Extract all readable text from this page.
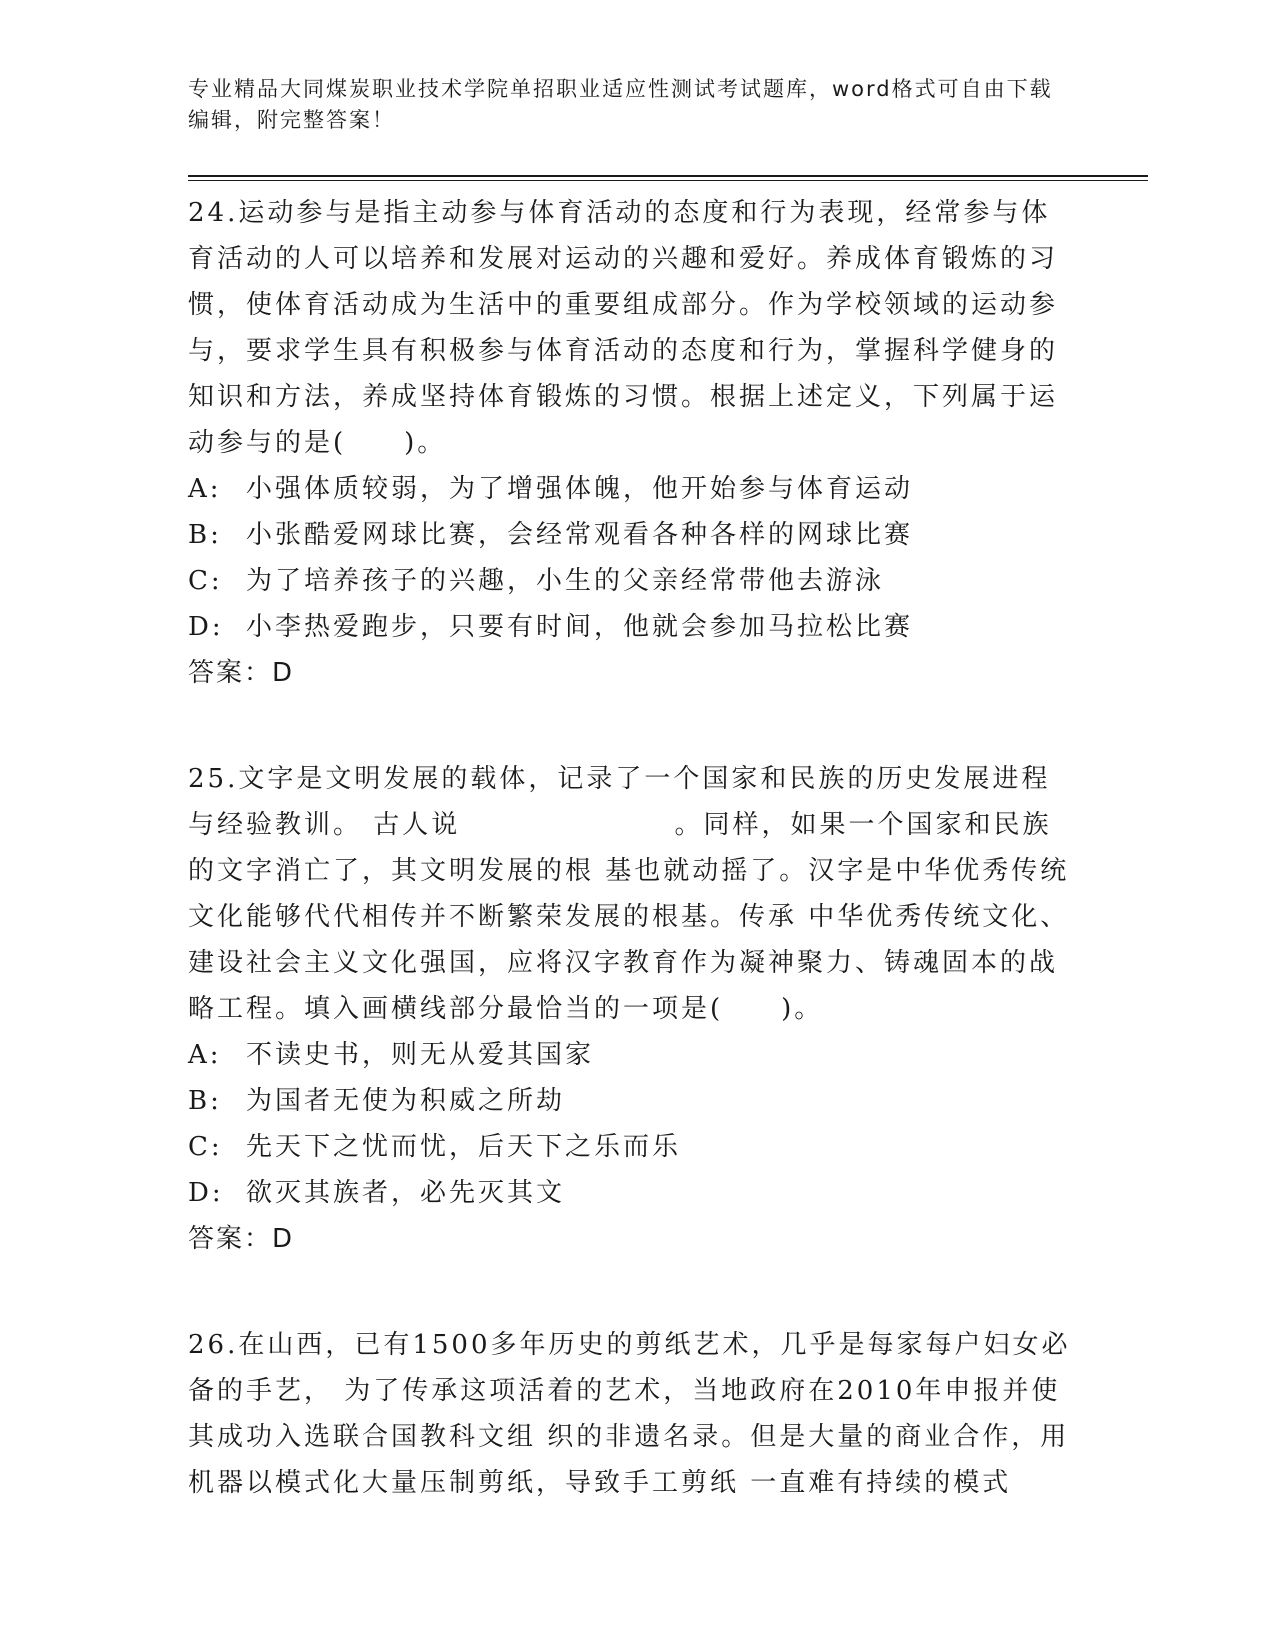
专业精品大同煤炭职业技术学院单招职业适应性测试考试题库，word格式可自由下载编辑，附完整答案！

24.运动参与是指主动参与体育活动的态度和行为表现，经常参与体育活动的人可以培养和发展对运动的兴趣和爱好。养成体育锻炼的习惯，使体育活动成为生活中的重要组成部分。作为学校领域的运动参与，要求学生具有积极参与体育活动的态度和行为，掌握科学健身的知识和方法，养成坚持体育锻炼的习惯。根据上述定义，下列属于运动参与的是(　　)。

A: 小强体质较弱，为了增强体魄，他开始参与体育运动
B: 小张酷爱网球比赛，会经常观看各种各样的网球比赛
C: 为了培养孩子的兴趣，小生的父亲经常带他去游泳
D: 小李热爱跑步，只要有时间，他就会参加马拉松比赛

答案：D

25.文字是文明发展的载体，记录了一个国家和民族的历史发展进程与经验教训。 古人说 　　　　　　　。同样，如果一个国家和民族的文字消亡了，其文明发展的根 基也就动摇了。汉字是中华优秀传统文化能够代代相传并不断繁荣发展的根基。传承 中华优秀传统文化、建设社会主义文化强国，应将汉字教育作为凝神聚力、铸魂固本的战略工程。填入画横线部分最恰当的一项是(　　)。

A: 不读史书，则无从爱其国家
B: 为国者无使为积威之所劫
C: 先天下之忧而忧，后天下之乐而乐
D: 欲灭其族者，必先灭其文

答案：D

26.在山西，已有1500多年历史的剪纸艺术，几乎是每家每户妇女必备的手艺， 为了传承这项活着的艺术，当地政府在2010年申报并使其成功入选联合国教科文组 织的非遗名录。但是大量的商业合作，用机器以模式化大量压制剪纸，导致手工剪纸 一直难有持续的模式
